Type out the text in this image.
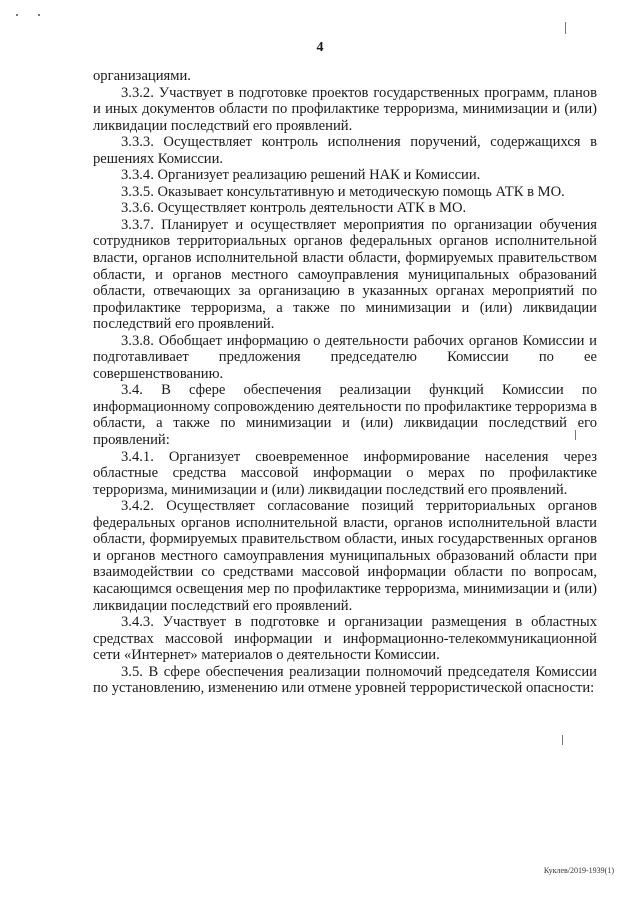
4

организациями.

3.3.2. Участвует в подготовке проектов государственных программ, планов и иных документов области по профилактике терроризма, минимизации и (или) ликвидации последствий его проявлений.

3.3.3. Осуществляет контроль исполнения поручений, содержащихся в решениях Комиссии.

3.3.4. Организует реализацию решений НАК и Комиссии.

3.3.5. Оказывает консультативную и методическую помощь АТК в МО.

3.3.6. Осуществляет контроль деятельности АТК в МО.

3.3.7. Планирует и осуществляет мероприятия по организации обучения сотрудников территориальных органов федеральных органов исполнительной власти, органов исполнительной власти области, формируемых правительством области, и органов местного самоуправления муниципальных образований области, отвечающих за организацию в указанных органах мероприятий по профилактике терроризма, а также по минимизации и (или) ликвидации последствий его проявлений.

3.3.8. Обобщает информацию о деятельности рабочих органов Комиссии и подготавливает предложения председателю Комиссии по ее совершенствованию.

3.4. В сфере обеспечения реализации функций Комиссии по информационному сопровождению деятельности по профилактике терроризма в области, а также по минимизации и (или) ликвидации последствий его проявлений:

3.4.1. Организует своевременное информирование населения через областные средства массовой информации о мерах по профилактике терроризма, минимизации и (или) ликвидации последствий его проявлений.

3.4.2. Осуществляет согласование позиций территориальных органов федеральных органов исполнительной власти, органов исполнительной власти области, формируемых правительством области, иных государственных органов и органов местного самоуправления муниципальных образований области при взаимодействии со средствами массовой информации области по вопросам, касающимся освещения мер по профилактике терроризма, минимизации и (или) ликвидации последствий его проявлений.

3.4.3. Участвует в подготовке и организации размещения в областных средствах массовой информации и информационно-телекоммуникационной сети «Интернет» материалов о деятельности Комиссии.

3.5. В сфере обеспечения реализации полномочий председателя Комиссии по установлению, изменению или отмене уровней террористической опасности:

Куклев/2019-1939(1)
